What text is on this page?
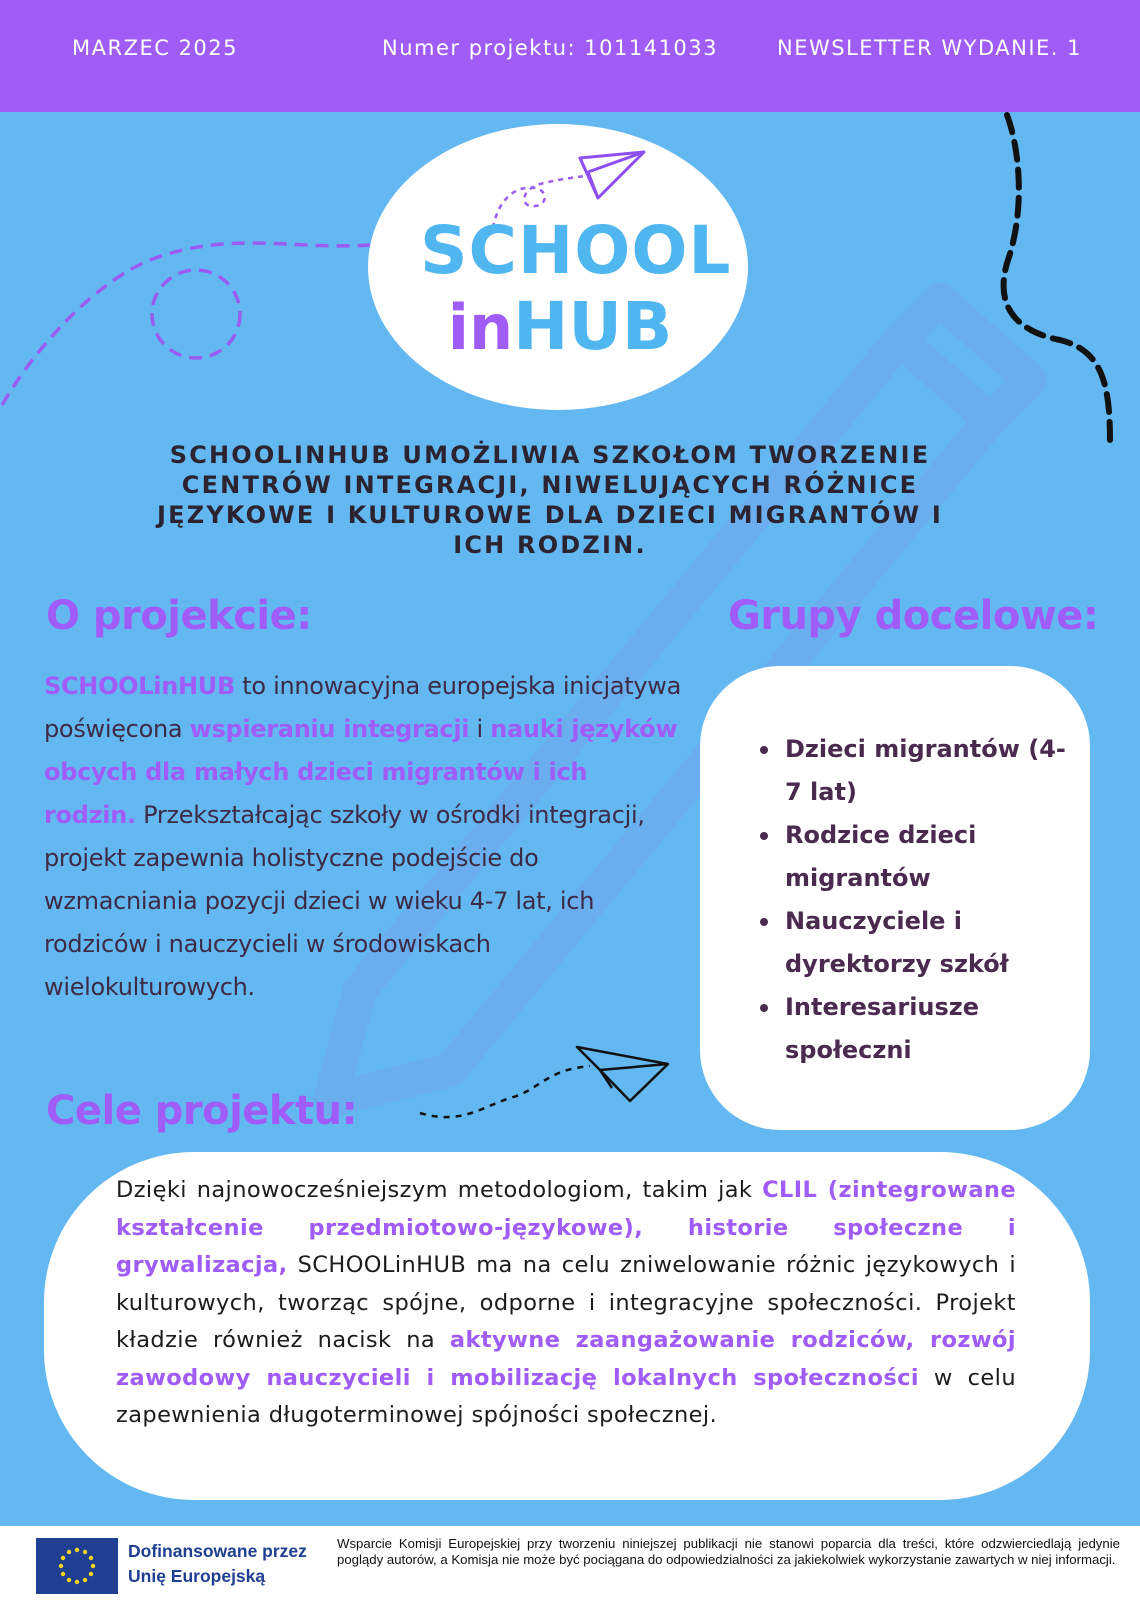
MARZEC 2025	Numer projektu: 101141033	NEWSLETTER WYDANIE. 1
SCHOOL
inHUB
SCHOOLINHUB UMOŻLIWIA SZKOŁOM TWORZENIE CENTRÓW INTEGRACJI, NIWELUJĄCYCH RÓŻNICE JĘZYKOWE I KULTUROWE DLA DZIECI MIGRANTÓW I ICH RODZIN.
O projekcie:
SCHOOLinHUB to innowacyjna europejska inicjatywa poświęcona wspieraniu integracji i nauki języków obcych dla małych dzieci migrantów i ich rodzin. Przekształcając szkoły w ośrodki integracji, projekt zapewnia holistyczne podejście do wzmacniania pozycji dzieci w wieku 4-7 lat, ich rodziców i nauczycieli w środowiskach wielokulturowych.
Grupy docelowe:
Dzieci migrantów (4-7 lat)
Rodzice dzieci migrantów
Nauczyciele i dyrektorzy szkół
Interesariusze społeczni
Cele projektu:
Dzięki najnowocześniejszym metodologiom, takim jak CLIL (zintegrowane kształcenie przedmiotowo-językowe), historie społeczne i grywalizacja, SCHOOLinHUB ma na celu zniwelowanie różnic językowych i kulturowych, tworząc spójne, odporne i integracyjne społeczności. Projekt kładzie również nacisk na aktywne zaangażowanie rodziców, rozwój zawodowy nauczycieli i mobilizację lokalnych społeczności w celu zapewnienia długoterminowej spójności społecznej.
Dofinansowane przez
Unię Europejską
Wsparcie Komisji Europejskiej przy tworzeniu niniejszej publikacji nie stanowi poparcia dla treści, które odzwierciedlają jedynie poglądy autorów, a Komisja nie może być pociągana do odpowiedzialności za jakiekolwiek wykorzystanie zawartych w niej informacji.
